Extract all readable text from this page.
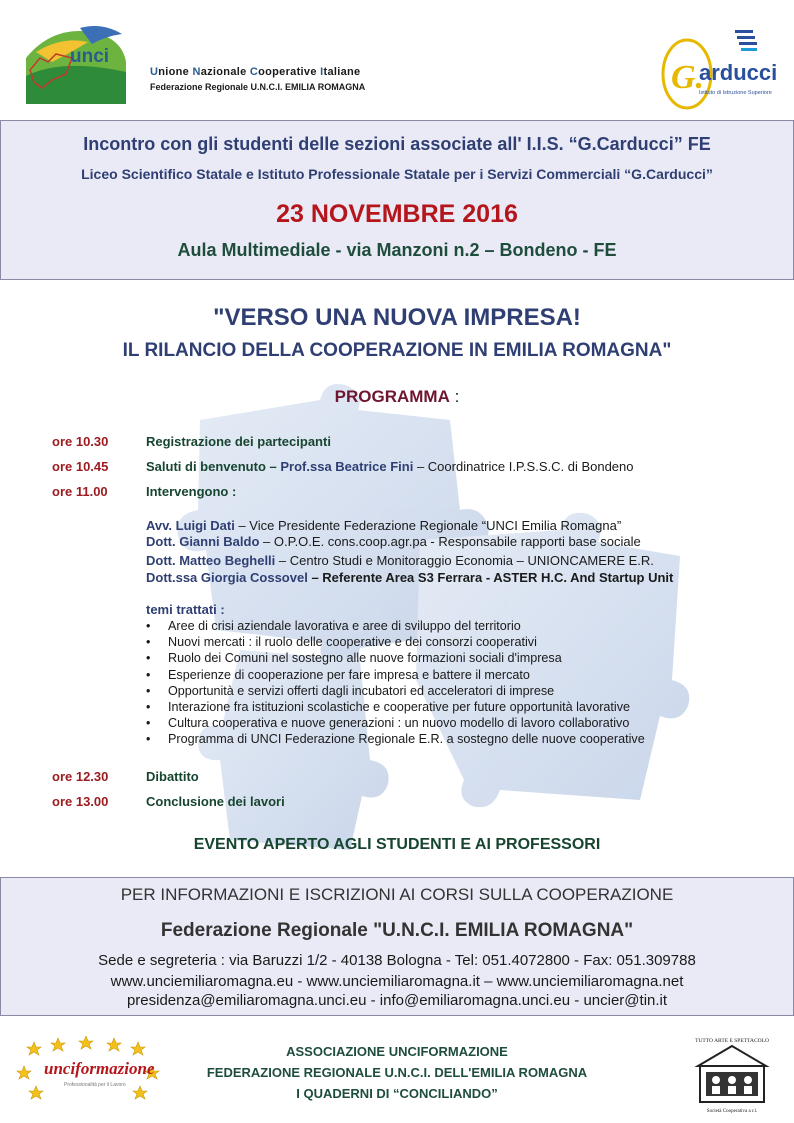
unci
Unione Nazionale Cooperative Italiane
Federazione Regionale U.N.C.I. EMILIA ROMAGNA	G.
arducci
Istituto di Istruzione Superiore
Incontro con gli studenti delle sezioni associate all' I.I.S. “G.Carducci” FE
Liceo Scientifico Statale e Istituto Professionale Statale per i Servizi Commerciali “G.Carducci”
23 NOVEMBRE 2016
Aula Multimediale - via Manzoni n.2 – Bondeno - FE
"VERSO UNA NUOVA IMPRESA!
IL RILANCIO DELLA COOPERAZIONE IN EMILIA ROMAGNA"
PROGRAMMA :
ore 10.30	Registrazione dei partecipanti
ore 10.45	Saluti di benvenuto – Prof.ssa Beatrice Fini – Coordinatrice I.P.S.S.C. di Bondeno
ore 11.00	Intervengono :
Avv. Luigi Dati – Vice Presidente Federazione Regionale “UNCI Emilia Romagna”
Dott. Gianni Baldo – O.P.O.E. cons.coop.agr.pa - Responsabile rapporti base sociale
Dott. Matteo Beghelli – Centro Studi e Monitoraggio Economia – UNIONCAMERE E.R.
Dott.ssa Giorgia Cossovel – Referente Area S3 Ferrara - ASTER H.C. And Startup Unit
temi trattati :
• Aree di crisi aziendale lavorativa e aree di sviluppo del territorio
• Nuovi mercati : il ruolo delle cooperative e dei consorzi cooperativi
• Ruolo dei Comuni nel sostegno alle nuove formazioni sociali d'impresa
• Esperienze di cooperazione per fare impresa e battere il mercato
• Opportunità e servizi offerti dagli incubatori ed acceleratori di imprese
• Interazione fra istituzioni scolastiche e cooperative per future opportunità lavorative
• Cultura cooperativa e nuove generazioni : un nuovo modello di lavoro collaborativo
• Programma di UNCI Federazione Regionale E.R. a sostegno delle nuove cooperative
ore 12.30	Dibattito
ore 13.00	Conclusione dei lavori
EVENTO APERTO AGLI STUDENTI E AI PROFESSORI
PER INFORMAZIONI E ISCRIZIONI AI CORSI SULLA COOPERAZIONE
Federazione Regionale "U.N.C.I. EMILIA ROMAGNA"
Sede e segreteria : via Baruzzi 1/2 - 40138 Bologna - Tel: 051.4072800 - Fax: 051.309788
www.unciemiliaromagna.eu - www.unciemiliaromagna.it – www.unciemiliaromagna.net
presidenza@emiliaromagna.unci.eu - info@emiliaromagna.unci.eu - uncier@tin.it
unciformazione
Professionalità per il Lavoro
ASSOCIAZIONE UNCIFORMAZIONE
FEDERAZIONE REGIONALE U.N.C.I. DELL'EMILIA ROMAGNA
I QUADERNI DI “CONCILIANDO”
TUTTO ARTE E SPETTACOLO
Società Cooperativa a r.l.
